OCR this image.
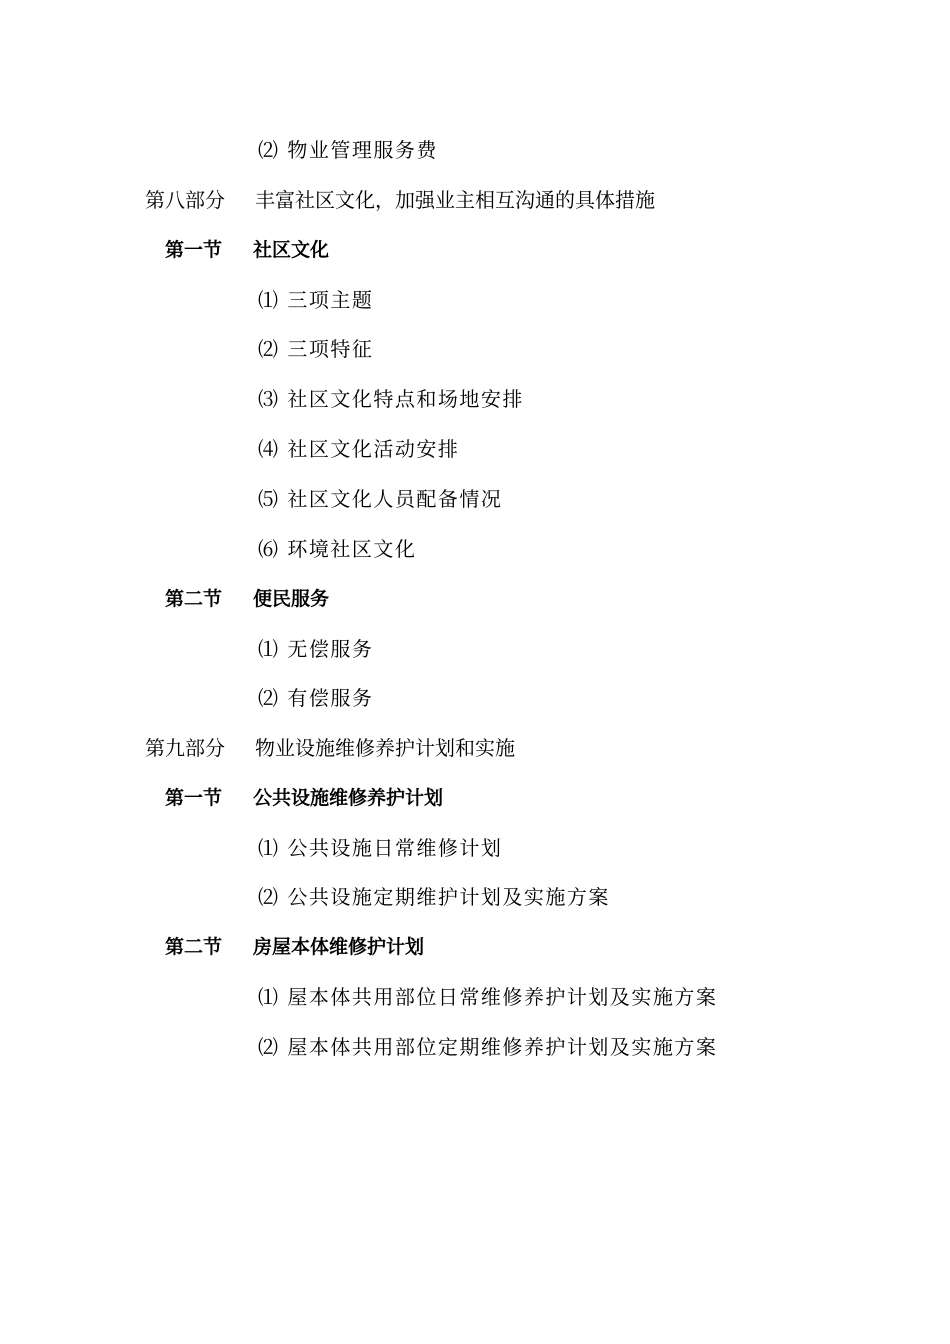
⑵ 物业管理服务费
第八部分 丰富社区文化，加强业主相互沟通的具体措施
第一节 社区文化
⑴ 三项主题
⑵ 三项特征
⑶ 社区文化特点和场地安排
⑷ 社区文化活动安排
⑸ 社区文化人员配备情况
⑹ 环境社区文化
第二节 便民服务
⑴ 无偿服务
⑵ 有偿服务
第九部分 物业设施维修养护计划和实施
第一节 公共设施维修养护计划
⑴ 公共设施日常维修计划
⑵ 公共设施定期维护计划及实施方案
第二节 房屋本体维修护计划
⑴ 屋本体共用部位日常维修养护计划及实施方案
⑵ 屋本体共用部位定期维修养护计划及实施方案
